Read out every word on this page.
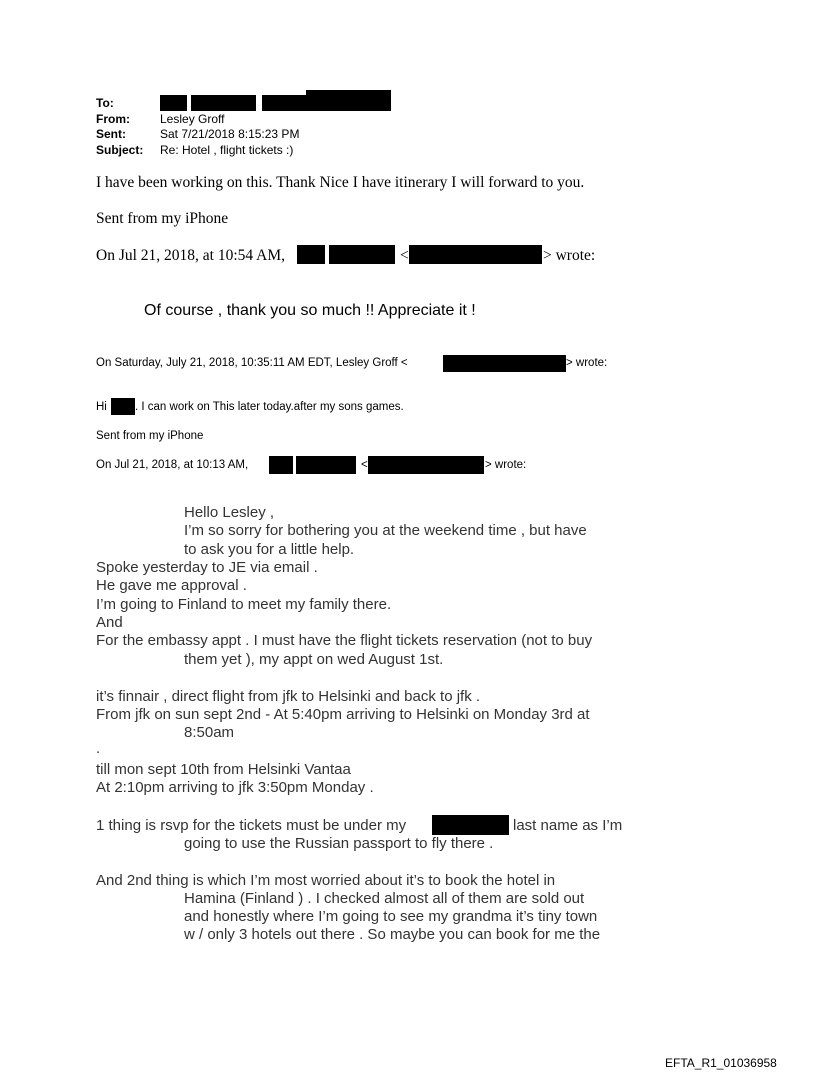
To:
From:	Lesley Groff
Sent:	Sat 7/21/2018 8:15:23 PM
Subject: Re: Hotel , flight tickets :)
I have been working on this. Thank Nice I have itinerary I will forward to you.
Sent from my iPhone
On Jul 21, 2018, at 10:54 AM,	<	> wrote:
Of course , thank you so much !! Appreciate it !
On Saturday, July 21, 2018, 10:35:11 AM EDT, Lesley Groff <	> wrote:
Hi . I can work on This later today.after my sons games.
Sent from my iPhone
On Jul 21, 2018, at 10:13 AM,	<	> wrote:
Hello Lesley ,
I’m so sorry for bothering you at the weekend time , but have
to ask you for a little help.
Spoke yesterday to JE via email .
He gave me approval .
I’m going to Finland to meet my family there.
And
For the embassy appt . I must have the flight tickets reservation (not to buy
them yet ), my appt on wed August 1st.
it’s finnair , direct flight from jfk to Helsinki and back to jfk .
From jfk on sun sept 2nd - At 5:40pm arriving to Helsinki on Monday 3rd at
8:50am
.
till mon sept 10th from Helsinki Vantaa
At 2:10pm arriving to jfk 3:50pm Monday .
1 thing is rsvp for the tickets must be under my	last name as I’m
going to use the Russian passport to fly there .
And 2nd thing is which I’m most worried about it’s to book the hotel in
Hamina (Finland ) . I checked almost all of them are sold out
and honestly where I’m going to see my grandma it’s tiny town
w / only 3 hotels out there . So maybe you can book for me the
EFTA_R1_01036958
